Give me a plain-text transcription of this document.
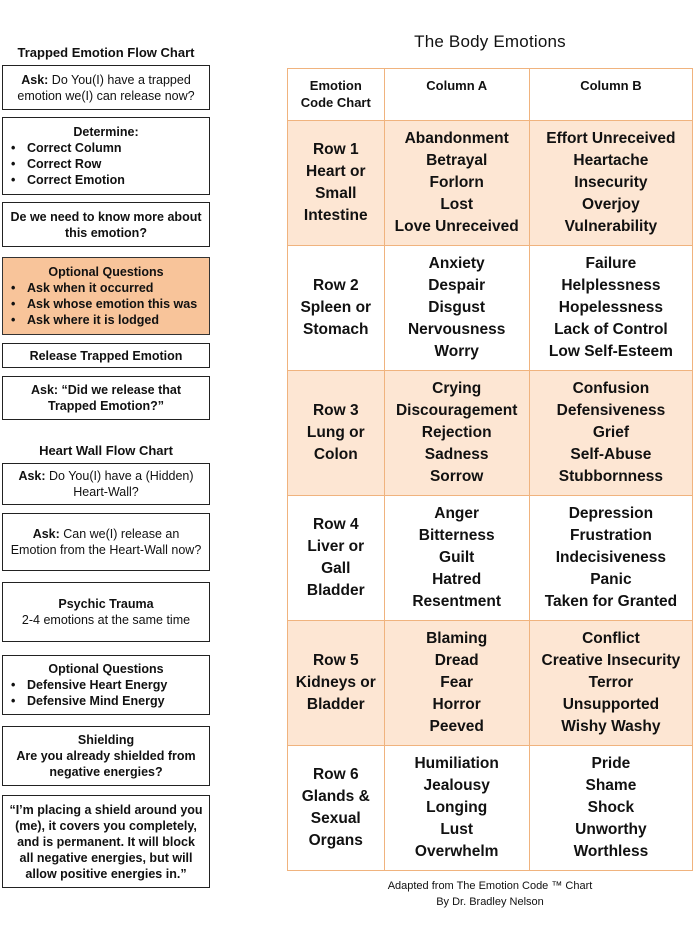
Trapped Emotion Flow Chart
Ask: Do You(I) have a trapped emotion we(I) can release now?
Determine:
• Correct Column
• Correct Row
• Correct Emotion
De we need to know more about this emotion?
Optional Questions
• Ask when it occurred
• Ask whose emotion this was
• Ask where it is lodged
Release Trapped Emotion
Ask: “Did we release that Trapped Emotion?”
Heart Wall Flow Chart
Ask: Do You(I) have a (Hidden) Heart-Wall?
Ask: Can we(I) release an Emotion from the Heart-Wall now?
Psychic Trauma
2-4 emotions at the same time
Optional Questions
• Defensive Heart Energy
• Defensive Mind Energy
Shielding
Are you already shielded from negative energies?
“I’m placing a shield around you (me), it covers you completely, and is permanent. It will block all negative energies, but will allow positive energies in.”
The Body Emotions
Emotion Code Chart
Column A	Column B
Row 1
Heart or
Small
Intestine
Abandonment
Betrayal
Forlorn
Lost
Love Unreceived
Effort Unreceived
Heartache
Insecurity
Overjoy
Vulnerability
Row 2
Spleen or
Stomach
Anxiety
Despair
Disgust
Nervousness
Worry
Failure
Helplessness
Hopelessness
Lack of Control
Low Self-Esteem
Row 3
Lung or
Colon
Crying
Discouragement
Rejection
Sadness
Sorrow
Confusion
Defensiveness
Grief
Self-Abuse
Stubbornness
Row 4
Liver or
Gall
Bladder
Anger
Bitterness
Guilt
Hatred
Resentment
Depression
Frustration
Indecisiveness
Panic
Taken for Granted
Row 5
Kidneys or
Bladder
Blaming
Dread
Fear
Horror
Peeved
Conflict
Creative Insecurity
Terror
Unsupported
Wishy Washy
Row 6
Glands &
Sexual
Organs
Humiliation
Jealousy
Longing
Lust
Overwhelm
Pride
Shame
Shock
Unworthy
Worthless
Adapted from The Emotion Code ™ Chart
By Dr. Bradley Nelson
